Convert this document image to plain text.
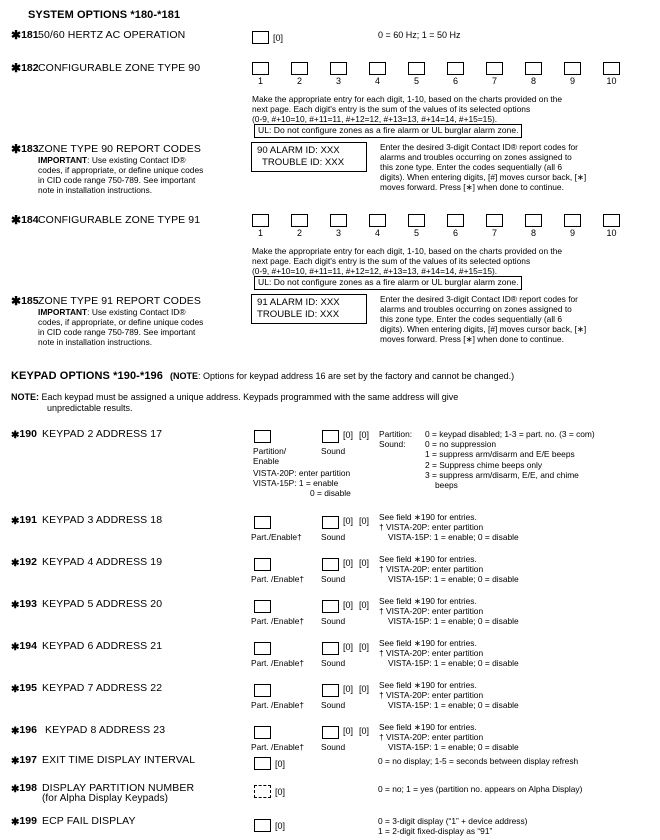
SYSTEM OPTIONS *180-*181
✱181 50/60 HERTZ AC OPERATION	[0]	0 = 60 Hz; 1 = 50 Hz
✱182 CONFIGURABLE ZONE TYPE 90
1	2	3	4	5	6	7	8	9	10
Make the appropriate entry for each digit, 1-10, based on the charts provided on the
next page. Each digit's entry is the sum of the values of its selected options
(0-9, #+10=10, #+11=11, #+12=12, #+13=13, #+14=14, #+15=15).
UL: Do not configure zones as a fire alarm or UL burglar alarm zone.
✱183 ZONE TYPE 90 REPORT CODES
IMPORTANT: Use existing Contact ID®
codes, if appropriate, or define unique codes
in CID code range 750-789. See important
note in installation instructions.
90 ALARM ID: XXX
TROUBLE ID: XXX
Enter the desired 3-digit Contact ID® report codes for
alarms and troubles occurring on zones assigned to
this zone type. Enter the codes sequentially (all 6
digits). When entering digits, [#] moves cursor back, [∗]
moves forward. Press [∗] when done to continue.
✱184 CONFIGURABLE ZONE TYPE 91
1	2	3	4	5	6	7	8	9	10
Make the appropriate entry for each digit, 1-10, based on the charts provided on the
next page. Each digit's entry is the sum of the values of its selected options
(0-9, #+10=10, #+11=11, #+12=12, #+13=13, #+14=14, #+15=15).
UL: Do not configure zones as a fire alarm or UL burglar alarm zone.
✱185 ZONE TYPE 91 REPORT CODES
IMPORTANT: Use existing Contact ID®
codes, if appropriate, or define unique codes
in CID code range 750-789. See important
note in installation instructions.
91 ALARM ID: XXX
TROUBLE ID: XXX
Enter the desired 3-digit Contact ID® report codes for
alarms and troubles occurring on zones assigned to
this zone type. Enter the codes sequentially (all 6
digits). When entering digits, [#] moves cursor back, [∗]
moves forward. Press [∗] when done to continue.
KEYPAD OPTIONS *190-*196 (NOTE: Options for keypad address 16 are set by the factory and cannot be changed.)
NOTE: Each keypad must be assigned a unique address. Keypads programmed with the same address will give
unpredictable results.
✱190 KEYPAD 2 ADDRESS 17	[0] [0]
Partition/
Enable
Sound
VISTA-20P: enter partition
VISTA-15P: 1 = enable
0 = disable
Partition: 0 = keypad disabled; 1-3 = part. no. (3 = com)
Sound: 0 = no suppression
1 = suppress arm/disarm and E/E beeps
2 = Suppress chime beeps only
3 = suppress arm/disarm, E/E, and chime
beeps
✱191 KEYPAD 3 ADDRESS 18	[0] [0]
Part./Enable† Sound
See field ∗190 for entries.
† VISTA-20P: enter partition
VISTA-15P: 1 = enable; 0 = disable
✱192 KEYPAD 4 ADDRESS 19	[0] [0]
Part. /Enable† Sound
See field ∗190 for entries.
† VISTA-20P: enter partition
VISTA-15P: 1 = enable; 0 = disable
✱193 KEYPAD 5 ADDRESS 20	[0] [0]
Part. /Enable† Sound
See field ∗190 for entries.
† VISTA-20P: enter partition
VISTA-15P: 1 = enable; 0 = disable
✱194 KEYPAD 6 ADDRESS 21	[0] [0]
Part. /Enable† Sound
See field ∗190 for entries.
† VISTA-20P: enter partition
VISTA-15P: 1 = enable; 0 = disable
✱195 KEYPAD 7 ADDRESS 22	[0] [0]
Part. /Enable† Sound
See field ∗190 for entries.
† VISTA-20P: enter partition
VISTA-15P: 1 = enable; 0 = disable
✱196 KEYPAD 8 ADDRESS 23	[0] [0]
Part. /Enable† Sound
See field ∗190 for entries.
† VISTA-20P: enter partition
VISTA-15P: 1 = enable; 0 = disable
✱197 EXIT TIME DISPLAY INTERVAL	[0]	0 = no display; 1-5 = seconds between display refresh
✱198 DISPLAY PARTITION NUMBER
(for Alpha Display Keypads)
[0]	0 = no; 1 = yes (partition no. appears on Alpha Display)
✱199 ECP FAIL DISPLAY	[0]	0 = 3-digit display (“1” + device address)
1 = 2-digit fixed-display as “91”
